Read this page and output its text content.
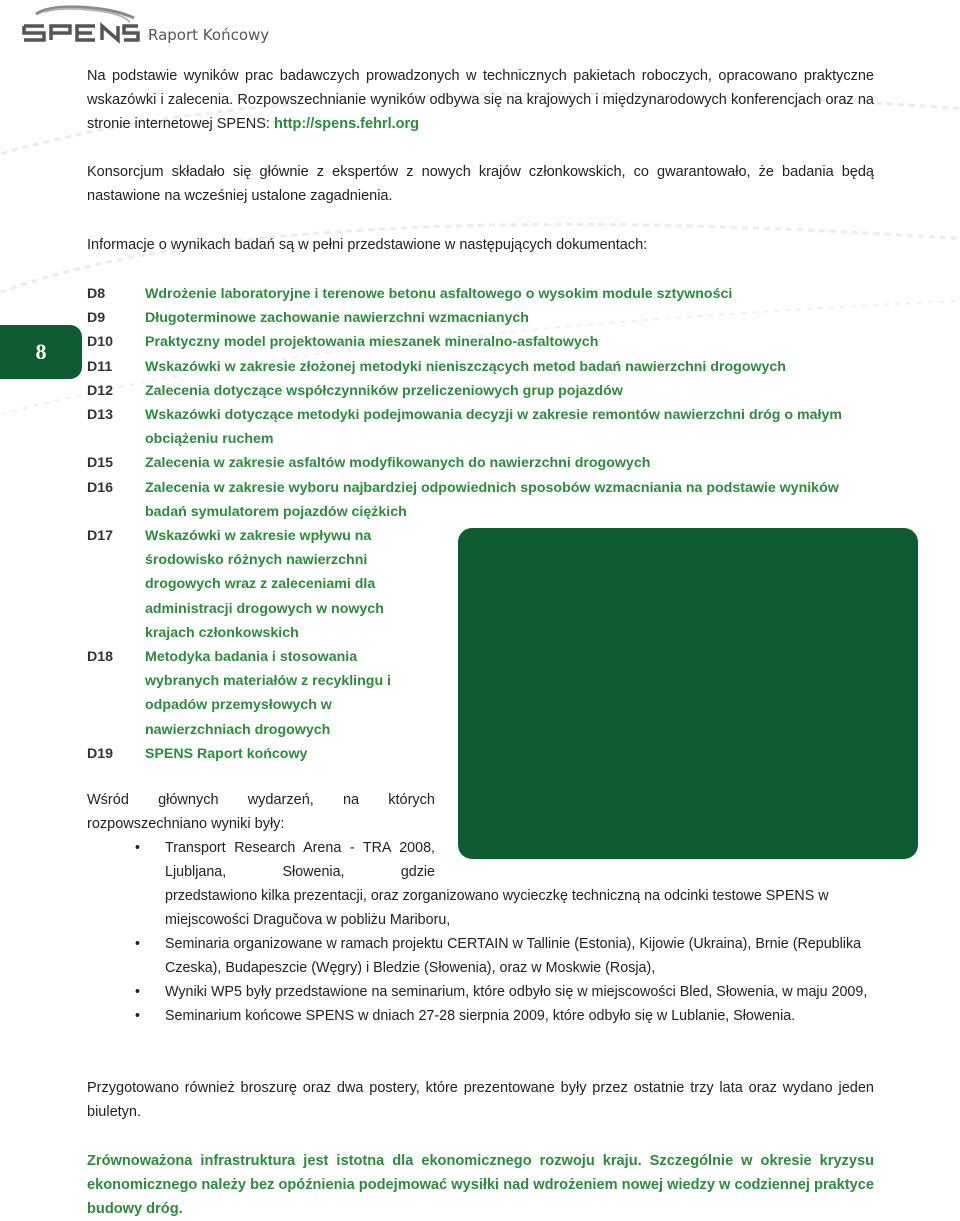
Raport Końcowy
8
Na podstawie wyników prac badawczych prowadzonych w technicznych pakietach roboczych, opracowano praktyczne wskazówki i zalecenia. Rozpowszechnianie wyników odbywa się na krajowych i międzynarodowych konferencjach oraz na stronie internetowej SPENS: http://spens.fehrl.org
Konsorcjum składało się głównie z ekspertów z nowych krajów członkowskich, co gwarantowało, że badania będą nastawione na wcześniej ustalone zagadnienia.
Informacje o wynikach badań są w pełni przedstawione w następujących dokumentach:
D8	Wdrożenie laboratoryjne i terenowe betonu asfaltowego o wysokim module sztywności
D9	Długoterminowe zachowanie nawierzchni wzmacnianych
D10	Praktyczny model projektowania mieszanek mineralno-asfaltowych
D11	Wskazówki w zakresie złożonej metodyki nieniszczących metod badań nawierzchni drogowych
D12	Zalecenia dotyczące współczynników przeliczeniowych grup pojazdów
D13	Wskazówki dotyczące metodyki podejmowania decyzji w zakresie remontów nawierzchni dróg o małym obciążeniu ruchem
D15	Zalecenia w zakresie asfaltów modyfikowanych do nawierzchni drogowych
D16	Zalecenia w zakresie wyboru najbardziej odpowiednich sposobów wzmacniania na podstawie wyników badań symulatorem pojazdów ciężkich
D17	Wskazówki w zakresie wpływu na środowisko różnych nawierzchni drogowych wraz z zaleceniami dla administracji drogowych w nowych krajach członkowskich
D18	Metodyka badania i stosowania wybranych materiałów z recyklingu i odpadów przemysłowych w nawierzchniach drogowych
D19	SPENS Raport końcowy
Wśród głównych wydarzeń, na których rozpowszechniano wyniki były:
• Transport Research Arena - TRA 2008, Ljubljana, Słowenia, gdzie
przedstawiono kilka prezentacji, oraz zorganizowano wycieczkę techniczną na odcinki testowe SPENS w miejscowości Dragučova w pobliżu Mariboru,
• Seminaria organizowane w ramach projektu CERTAIN w Tallinie (Estonia), Kijowie (Ukraina), Brnie (Republika Czeska), Budapeszcie (Węgry) i Bledzie (Słowenia), oraz w Moskwie (Rosja),

• Wyniki WP5 były przedstawione na seminarium, które odbyło się w miejscowości Bled, Słowenia, w maju 2009,

• Seminarium końcowe SPENS w dniach 27-28 sierpnia 2009, które odbyło się w Lublanie, Słowenia.

Przygotowano również broszurę oraz dwa postery, które prezentowane były przez ostatnie trzy lata oraz wydano jeden biuletyn.
Zrównoważona infrastruktura jest istotna dla ekonomicznego rozwoju kraju. Szczególnie w okresie kryzysu ekonomicznego należy bez opóźnienia podejmować wysiłki nad wdrożeniem nowej wiedzy w codziennej praktyce budowy dróg.
